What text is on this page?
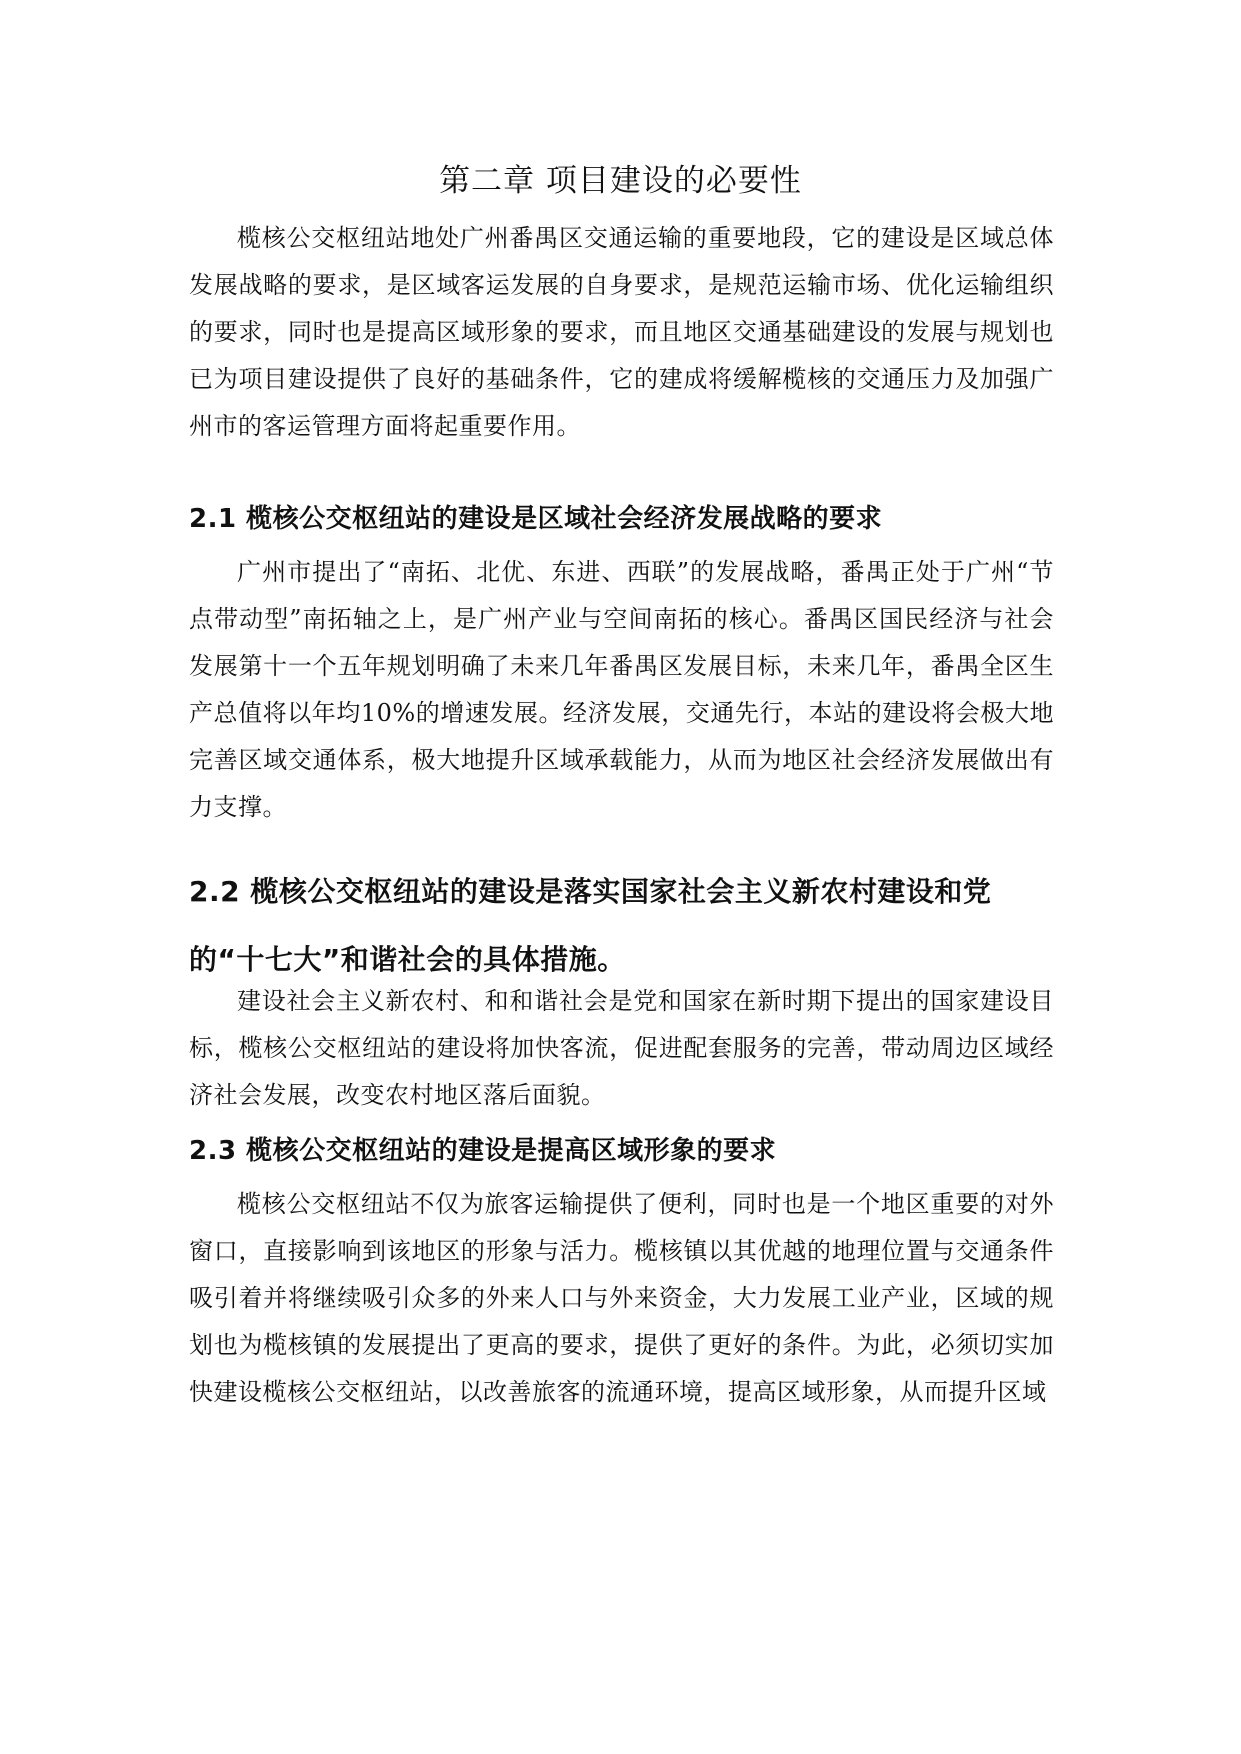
第二章 项目建设的必要性

榄核公交枢纽站地处广州番禺区交通运输的重要地段，它的建设是区域总体发展战略的要求，是区域客运发展的自身要求，是规范运输市场、优化运输组织的要求，同时也是提高区域形象的要求，而且地区交通基础建设的发展与规划也已为项目建设提供了良好的基础条件，它的建成将缓解榄核的交通压力及加强广州市的客运管理方面将起重要作用。

2.1 榄核公交枢纽站的建设是区域社会经济发展战略的要求

广州市提出了“南拓、北优、东进、西联”的发展战略，番禺正处于广州“节点带动型”南拓轴之上，是广州产业与空间南拓的核心。番禺区国民经济与社会发展第十一个五年规划明确了未来几年番禺区发展目标，未来几年，番禺全区生产总值将以年均10%的增速发展。经济发展，交通先行，本站的建设将会极大地完善区域交通体系，极大地提升区域承载能力，从而为地区社会经济发展做出有力支撑。

2.2 榄核公交枢纽站的建设是落实国家社会主义新农村建设和党的“十七大”和谐社会的具体措施。

建设社会主义新农村、和和谐社会是党和国家在新时期下提出的国家建设目标，榄核公交枢纽站的建设将加快客流，促进配套服务的完善，带动周边区域经济社会发展，改变农村地区落后面貌。

2.3 榄核公交枢纽站的建设是提高区域形象的要求

榄核公交枢纽站不仅为旅客运输提供了便利，同时也是一个地区重要的对外窗口，直接影响到该地区的形象与活力。榄核镇以其优越的地理位置与交通条件吸引着并将继续吸引众多的外来人口与外来资金，大力发展工业产业，区域的规划也为榄核镇的发展提出了更高的要求，提供了更好的条件。为此，必须切实加快建设榄核公交枢纽站，以改善旅客的流通环境，提高区域形象，从而提升区域
